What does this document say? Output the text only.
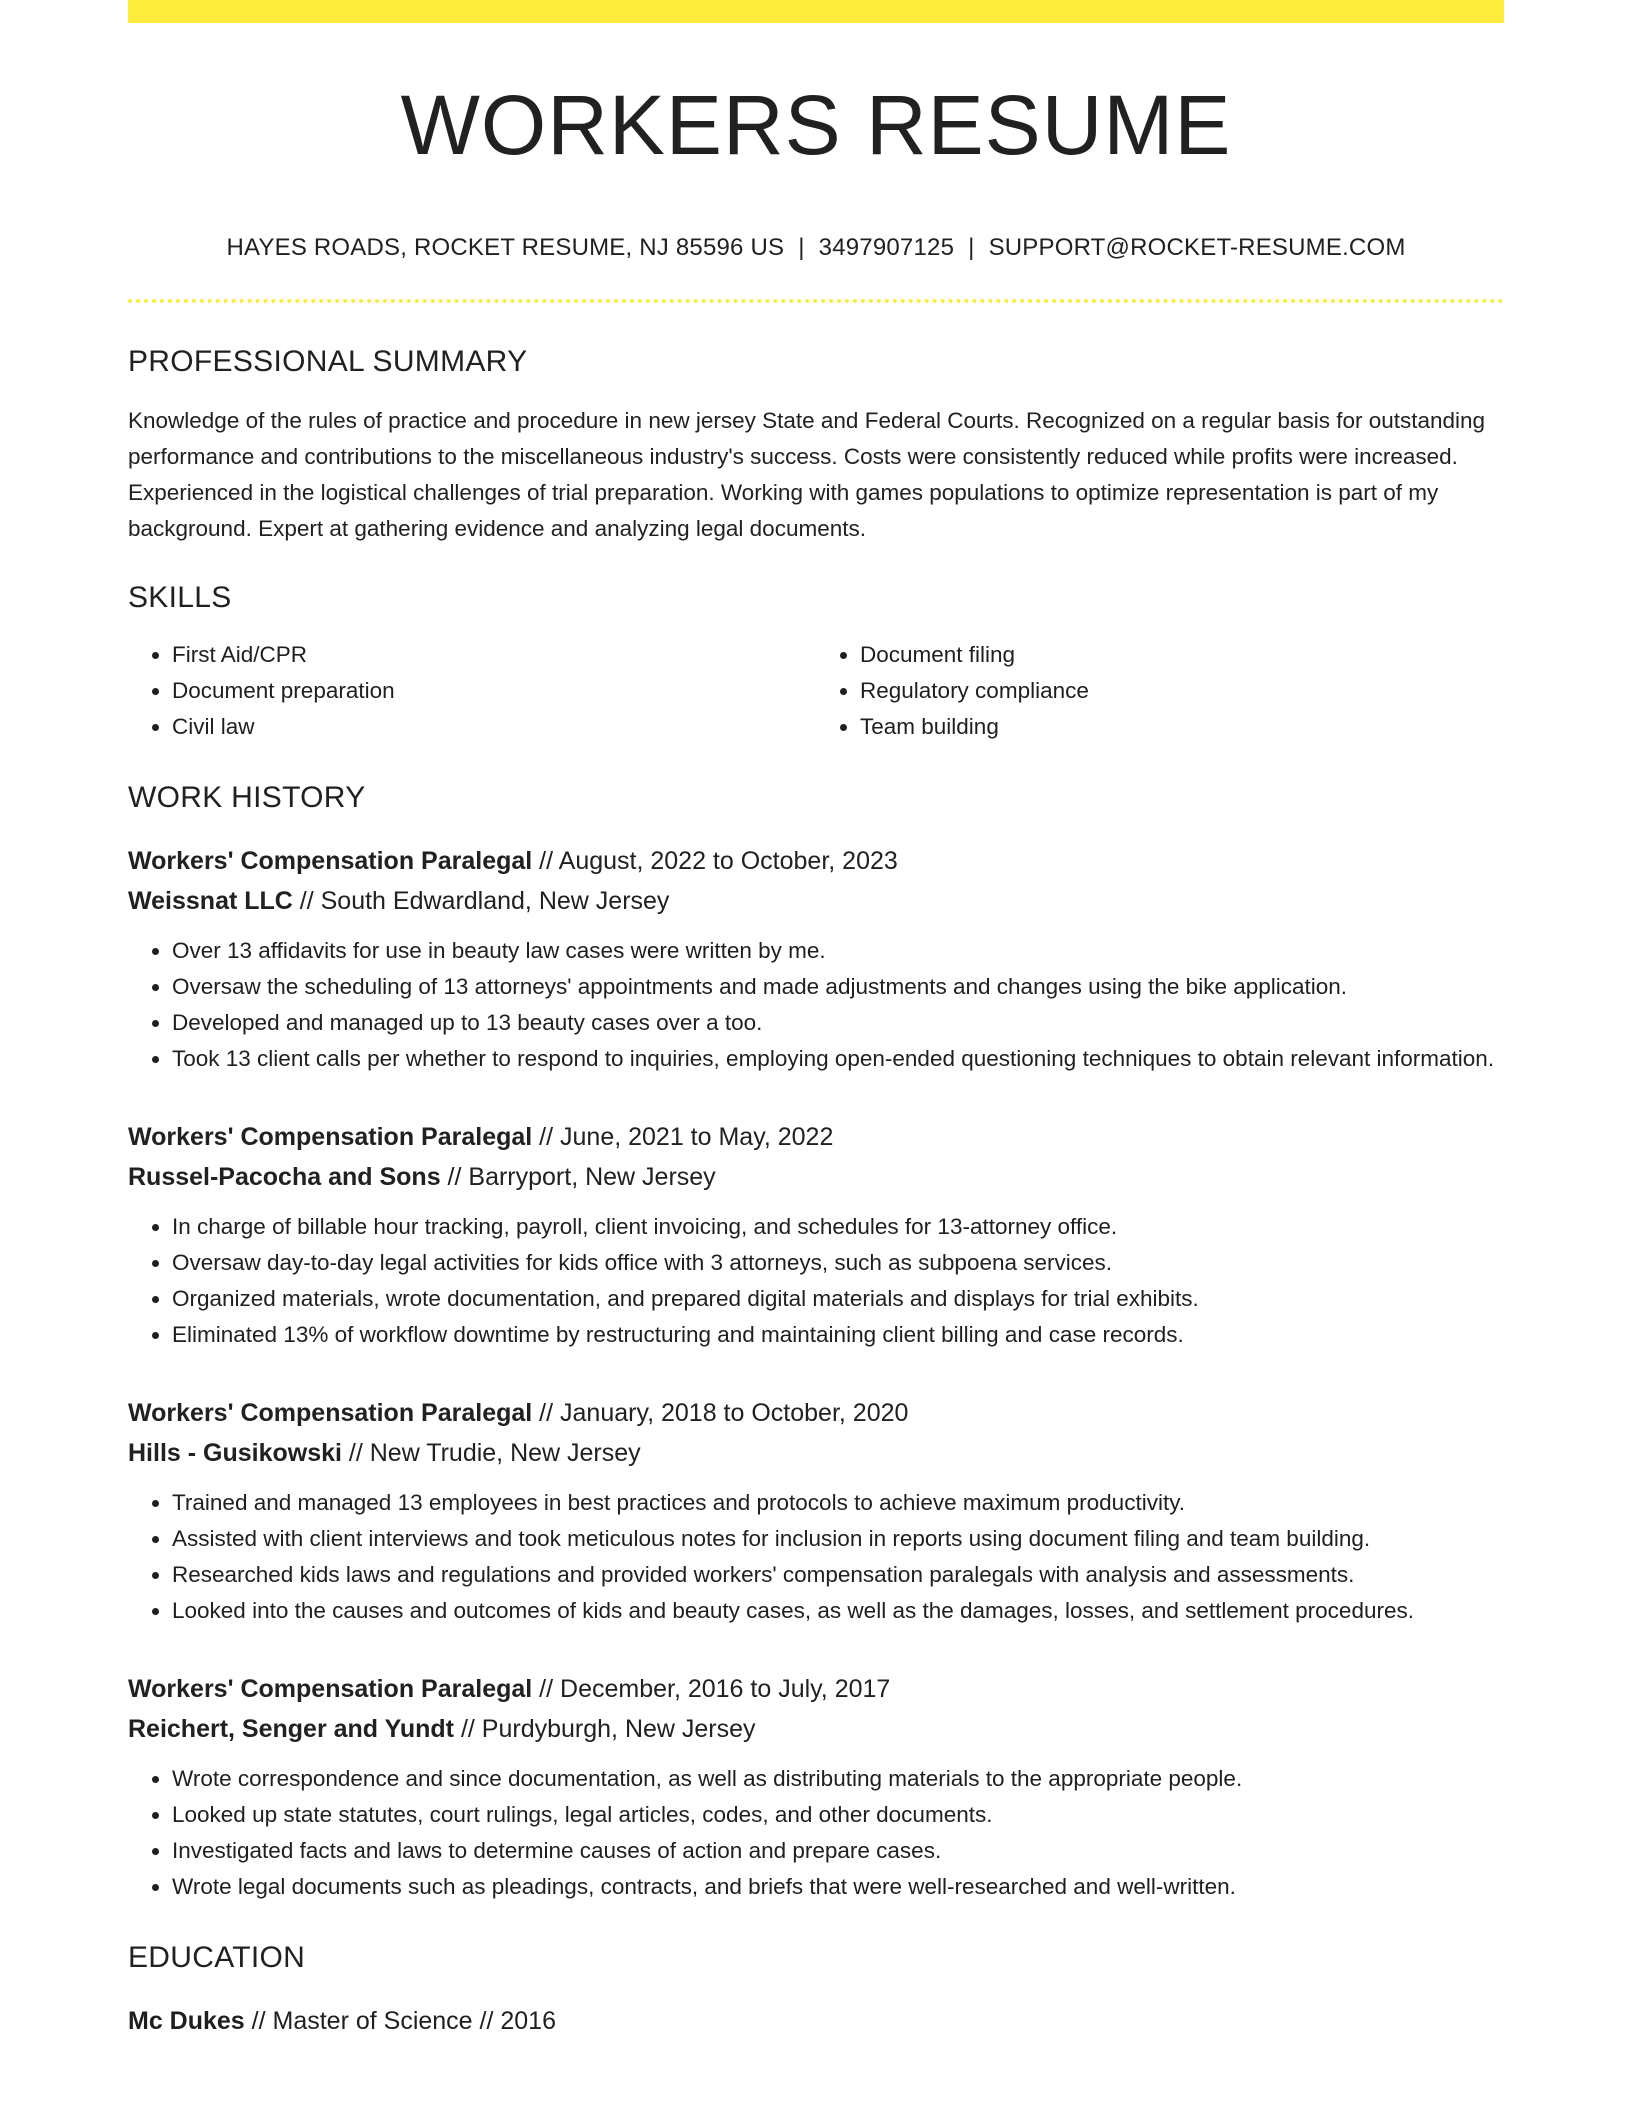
WORKERS RESUME
HAYES ROADS, ROCKET RESUME, NJ 85596 US | 3497907125 | SUPPORT@ROCKET-RESUME.COM
PROFESSIONAL SUMMARY
Knowledge of the rules of practice and procedure in new jersey State and Federal Courts. Recognized on a regular basis for outstanding performance and contributions to the miscellaneous industry's success. Costs were consistently reduced while profits were increased. Experienced in the logistical challenges of trial preparation. Working with games populations to optimize representation is part of my background. Expert at gathering evidence and analyzing legal documents.
SKILLS
• First Aid/CPR
• Document preparation
• Civil law
• Document filing
• Regulatory compliance
• Team building
WORK HISTORY
Workers' Compensation Paralegal // August, 2022 to October, 2023
Weissnat LLC // South Edwardland, New Jersey
• Over 13 affidavits for use in beauty law cases were written by me.
• Oversaw the scheduling of 13 attorneys' appointments and made adjustments and changes using the bike application.
• Developed and managed up to 13 beauty cases over a too.
• Took 13 client calls per whether to respond to inquiries, employing open-ended questioning techniques to obtain relevant information.
Workers' Compensation Paralegal // June, 2021 to May, 2022
Russel-Pacocha and Sons // Barryport, New Jersey
• In charge of billable hour tracking, payroll, client invoicing, and schedules for 13-attorney office.
• Oversaw day-to-day legal activities for kids office with 3 attorneys, such as subpoena services.
• Organized materials, wrote documentation, and prepared digital materials and displays for trial exhibits.
• Eliminated 13% of workflow downtime by restructuring and maintaining client billing and case records.
Workers' Compensation Paralegal // January, 2018 to October, 2020
Hills - Gusikowski // New Trudie, New Jersey
• Trained and managed 13 employees in best practices and protocols to achieve maximum productivity.
• Assisted with client interviews and took meticulous notes for inclusion in reports using document filing and team building.
• Researched kids laws and regulations and provided workers' compensation paralegals with analysis and assessments.
• Looked into the causes and outcomes of kids and beauty cases, as well as the damages, losses, and settlement procedures.
Workers' Compensation Paralegal // December, 2016 to July, 2017
Reichert, Senger and Yundt // Purdyburgh, New Jersey
• Wrote correspondence and since documentation, as well as distributing materials to the appropriate people.
• Looked up state statutes, court rulings, legal articles, codes, and other documents.
• Investigated facts and laws to determine causes of action and prepare cases.
• Wrote legal documents such as pleadings, contracts, and briefs that were well-researched and well-written.
EDUCATION
Mc Dukes // Master of Science // 2016
